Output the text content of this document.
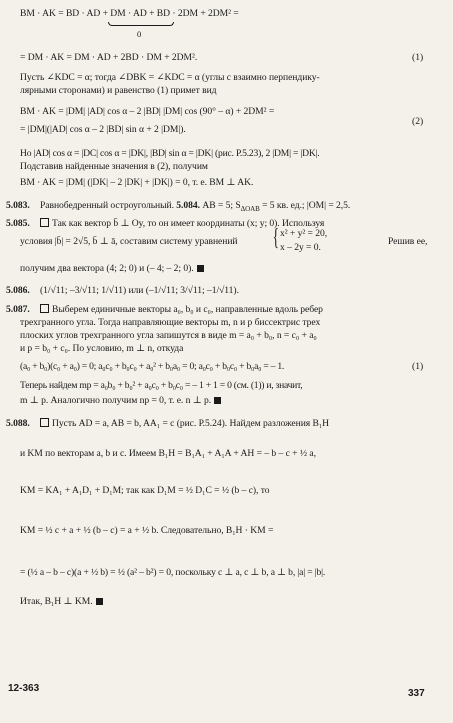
BM · AK = BD · AD + DM · AD + BD · 2DM + 2DM² =
0
= DM · AK = DM · AD + 2BD · DM + 2DM².	(1)
Пусть ∠KDC = α; тогда ∠DBK = ∠KDC = α (углы с взаимно перпендику-
лярными сторонами) и равенство (1) примет вид
BM · AK = |DM| |AD| cos α – 2 |BD| |DM| cos (90° – α) + 2DM² =
(2)
= |DM|(|AD| cos α – 2 |BD| sin α + 2 |DM|).
Но |AD| cos α = |DC| cos α = |DK|, |BD| sin α = |DK| (рис. Р.5.23), 2 |DM| = |DK|.
Подставив найденные значения в (2), получим
BM · AK = |DM| (|DK| – 2 |DK| + |DK|) = 0, т. е. BM ⊥ AK.
5.083. Равнобедренный остроугольный. 5.084. AB = 5; $S_{\Delta OAB} = 5$ кв. ед.; |OM| = 2,5.
5.085.	Так как вектор b̄ ⊥ Oy, то он имеет координаты (x; y; 0). Используя
условия |b̄| = 2√5, b̄ ⊥ ā, составим систему уравнений { x² + y² = 20,
x – 2y = 0.
Решив ее,
получим два вектора (4; 2; 0) и (– 4; – 2; 0).
5.086. (1/√11; –3/√11; 1/√11) или (–1/√11; 3/√11; –1/√11).
5.087.	Выберем единичные векторы a₀, b₀ и c₀, направленные вдоль ребер
трехгранного угла. Тогда направляющие векторы m, n и p биссектрис трех
плоских углов трехгранного угла запишутся в виде m = a₀ + b₀, n = c₀ + a₀
и p = b₀ + c₀. По условию, m ⊥ n, откуда
(a₀ + b₀)(c₀ + a₀) = 0; a₀c₀ + b₀c₀ + a₀² + b₀a₀ = 0; a₀c₀ + b₀c₀ + b₀a₀ = – 1.	(1)
Теперь найдем mp = a₀b₀ + b₀² + a₀c₀ + b₀c₀ = – 1 + 1 = 0 (см. (1)) и, значит,
m ⊥ p. Аналогично получим np = 0, т. е. n ⊥ p.
5.088.	Пусть AD = a, AB = b, AA₁ = c (рис. Р.5.24). Найдем разложения B₁H
и KM по векторам a, b и c. Имеем B₁H = B₁A₁ + A₁A + AH = – b – c + ½ a,
KM = KA₁ + A₁D₁ + D₁M; так как D₁M = ½ D₁C = ½ (b – c), то
KM = ½ c + a + ½ (b – c) = a + ½ b. Следовательно, B₁H · KM =
= (½ a – b – c)(a + ½ b) = ½ (a² – b²) = 0, поскольку c ⊥ a, c ⊥ b, a ⊥ b, |a| = |b|.
Итак, B₁H ⊥ KM.
12-363	337
